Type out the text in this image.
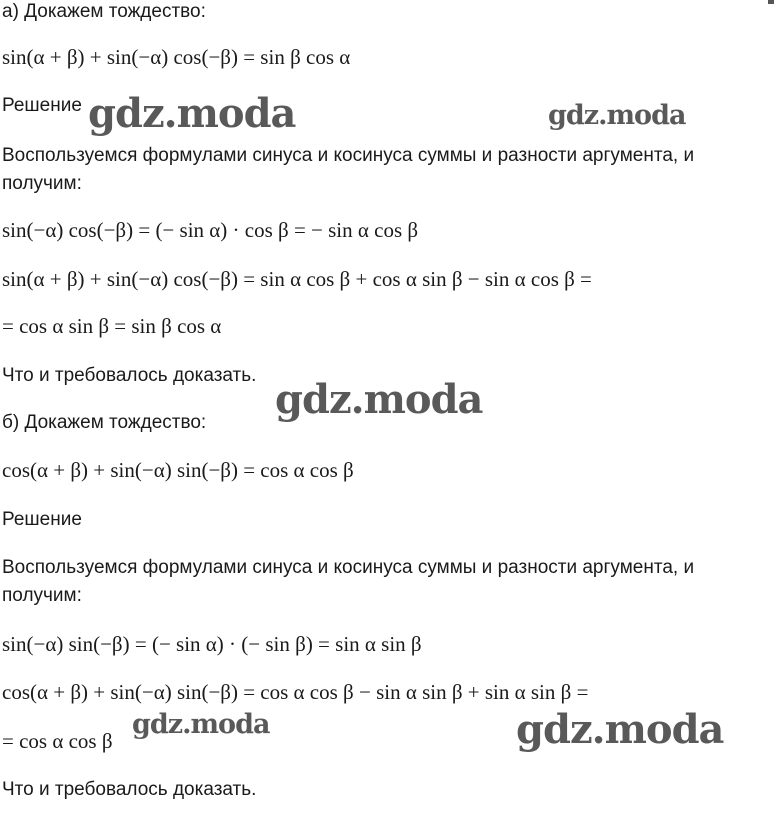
а) Докажем тождество:
sin(α + β) + sin(−α) cos(−β) = sin β cos α
Решение
Воспользуемся формулами синуса и косинуса суммы и разности аргумента, и
получим:
sin(−α) cos(−β) = (− sin α) · cos β = − sin α cos β
sin(α + β) + sin(−α) cos(−β) = sin α cos β + cos α sin β − sin α cos β =
= cos α sin β = sin β cos α
Что и требовалось доказать.
б) Докажем тождество:
cos(α + β) + sin(−α) sin(−β) = cos α cos β
Решение
Воспользуемся формулами синуса и косинуса суммы и разности аргумента, и
получим:
sin(−α) sin(−β) = (− sin α) · (− sin β) = sin α sin β
cos(α + β) + sin(−α) sin(−β) = cos α cos β − sin α sin β + sin α sin β =
= cos α cos β
Что и требовалось доказать.
gdz.moda	gdz.moda
gdz.moda
gdz.moda	gdz.moda
